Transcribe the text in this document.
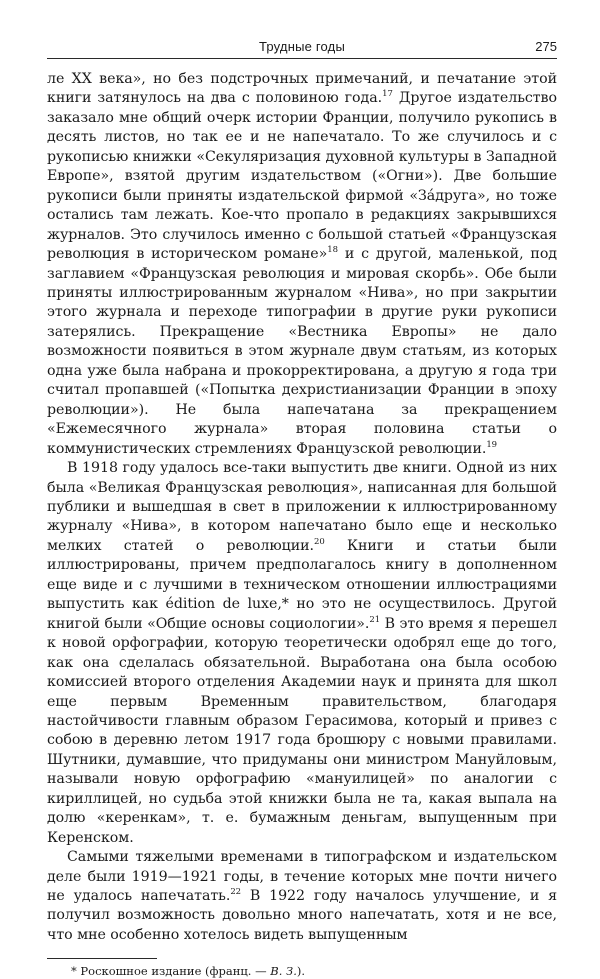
Трудные годы	275

ле XX века», но без подстрочных примечаний, и печатание этой книги затянулось на два с половиною года.$^{17}$ Другое издательство заказало мне общий очерк истории Франции, получило рукопись в десять листов, но так ее и не напечатало. То же случилось и с рукописью книжки «Секуляризация духовной культуры в Западной Европе», взятой другим издательством («Огни»). Две большие рукописи были приняты издательской фирмой «Зáдруга», но тоже остались там лежать. Кое-что пропало в редакциях закрывшихся журналов. Это случилось именно с большой статьей «Французская революция в историческом романе»$^{18}$ и с другой, маленькой, под заглавием «Французская революция и мировая скорбь». Обе были приняты иллюстрированным журналом «Нива», но при закрытии этого журнала и переходе типографии в другие руки рукописи затерялись. Прекращение «Вестника Европы» не дало возможности появиться в этом журнале двум статьям, из которых одна уже была набрана и прокорректирована, а другую я года три считал пропавшей («Попытка дехристианизации Франции в эпоху революции»). Не была напечатана за прекращением «Ежемесячного журнала» вторая половина статьи о коммунистических стремлениях Французской революции.$^{19}$

В 1918 году удалось все-таки выпустить две книги. Одной из них была «Великая Французская революция», написанная для большой публики и вышедшая в свет в приложении к иллюстрированному журналу «Нива», в котором напечатано было еще и несколько мелких статей о революции.$^{20}$ Книги и статьи были иллюстрированы, причем предполагалось книгу в дополненном еще виде и с лучшими в техническом отношении иллюстрациями выпустить как édition de luxe,* но это не осуществилось. Другой книгой были «Общие основы социологии».$^{21}$ В это время я перешел к новой орфографии, которую теоретически одобрял еще до того, как она сделалась обязательной. Выработана она была особою комиссией второго отделения Академии наук и принята для школ еще первым Временным правительством, благодаря настойчивости главным образом Герасимова, который и привез с собою в деревню летом 1917 года брошюру с новыми правилами. Шутники, думавшие, что придуманы они министром Мануйловым, называли новую орфографию «мануилицей» по аналогии с кириллицей, но судьба этой книжки была не та, какая выпала на долю «керенкам», т. е. бумажным деньгам, выпущенным при Керенском.

Самыми тяжелыми временами в типографском и издательском деле были 1919—1921 годы, в течение которых мне почти ничего не удалось напечатать.$^{22}$ В 1922 году началось улучшение, и я получил возможность довольно много напечатать, хотя и не все, что мне особенно хотелось видеть выпущенным

* Роскошное издание (франц. — В. З.).
